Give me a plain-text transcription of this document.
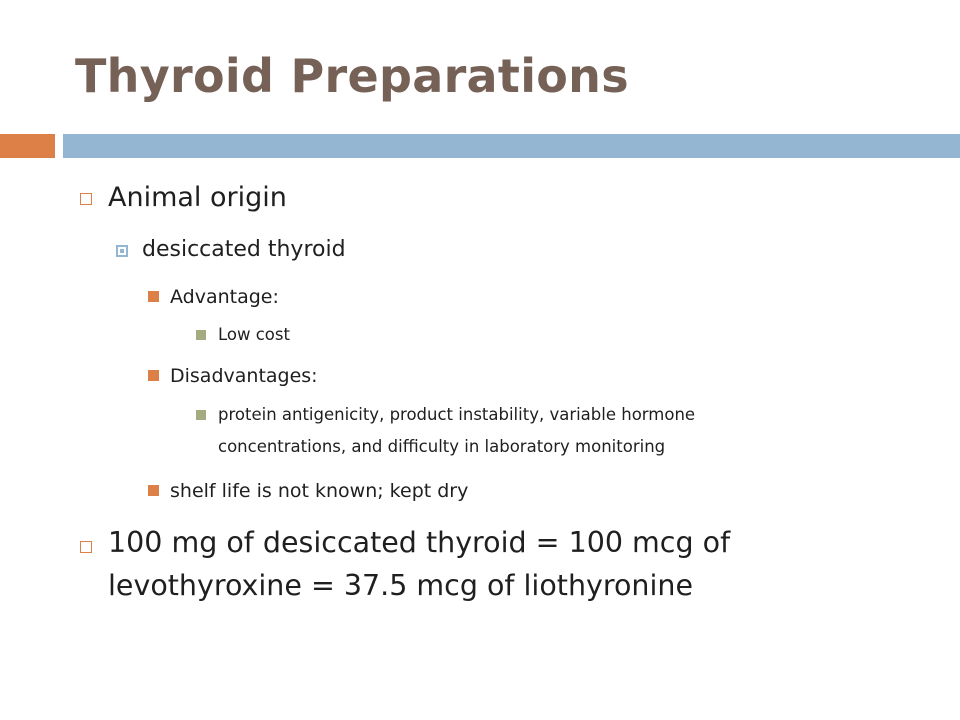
Thyroid Preparations
Animal origin
desiccated thyroid
Advantage:
Low cost
Disadvantages:
protein antigenicity, product instability, variable hormone
concentrations, and difficulty in laboratory monitoring
shelf life is not known; kept dry
100 mg of desiccated thyroid = 100 mcg of
levothyroxine = 37.5 mcg of liothyronine
